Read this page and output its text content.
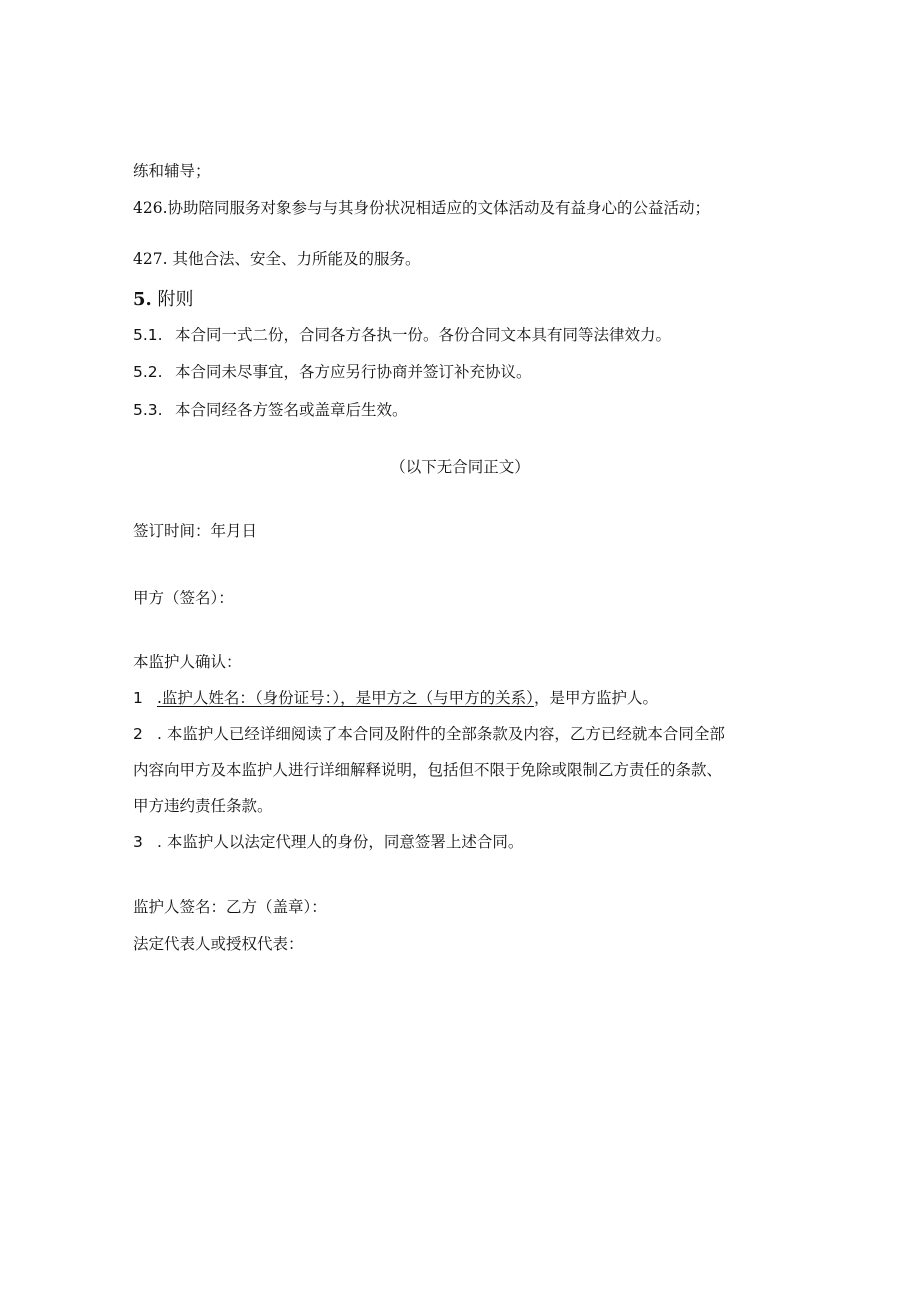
练和辅导；
426.协助陪同服务对象参与与其身份状况相适应的文体活动及有益身心的公益活动；
427. 其他合法、安全、力所能及的服务。
5. 附则
5.1. 本合同一式二份，合同各方各执一份。各份合同文本具有同等法律效力。
5.2. 本合同未尽事宜，各方应另行协商并签订补充协议。
5.3. 本合同经各方签名或盖章后生效。
（以下无合同正文）
签订时间：年月日
甲方（签名）：
本监护人确认：
1 .监护人姓名：（身份证号：），是甲方之（与甲方的关系），是甲方监护人。
2 . 本监护人已经详细阅读了本合同及附件的全部条款及内容，乙方已经就本合同全部
内容向甲方及本监护人进行详细解释说明，包括但不限于免除或限制乙方责任的条款、
甲方违约责任条款。
3 . 本监护人以法定代理人的身份，同意签署上述合同。
监护人签名：乙方（盖章）：
法定代表人或授权代表：
